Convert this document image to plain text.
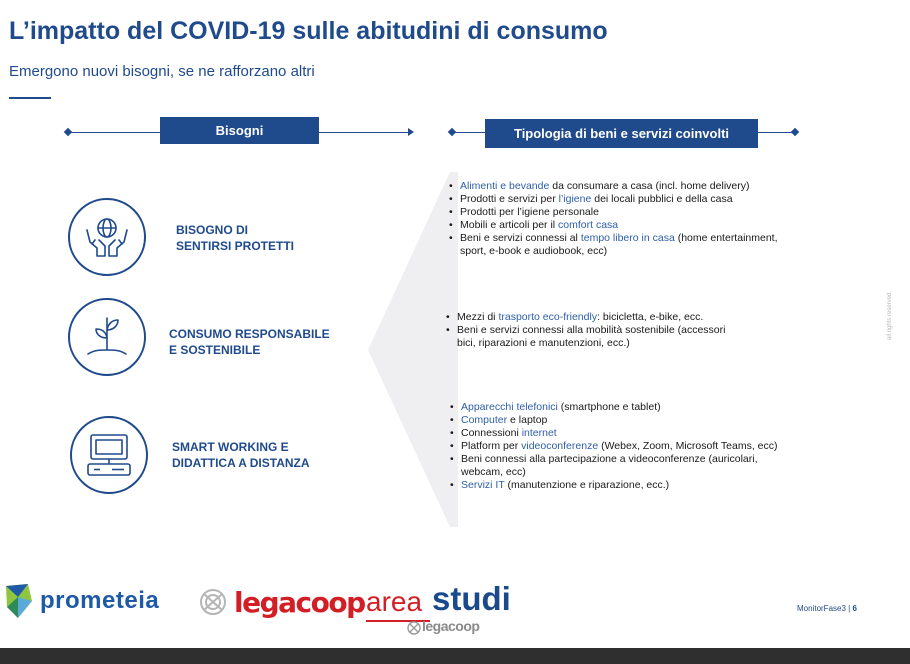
L’impatto del COVID-19 sulle abitudini di consumo
Emergono nuovi bisogni, se ne rafforzano altri
Bisogni	Tipologia di beni e servizi coinvolti
BISOGNO DI
SENTIRSI PROTETTI
• Alimenti e bevande da consumare a casa (incl. home delivery)
• Prodotti e servizi per l’igiene dei locali pubblici e della casa
• Prodotti per l’igiene personale
• Mobili e articoli per il comfort casa
• Beni e servizi connessi al tempo libero in casa (home entertainment, sport, e-book e audiobook, ecc)
CONSUMO RESPONSABILE
E SOSTENIBILE
• Mezzi di trasporto eco-friendly: bicicletta, e-bike, ecc.
• Beni e servizi connessi alla mobilità sostenibile (accessori bici, riparazioni e manutenzioni, ecc.)
SMART WORKING E
DIDATTICA A DISTANZA
• Apparecchi telefonici (smartphone e tablet)
• Computer e laptop
• Connessioni internet
• Platform per videoconferenze (Webex, Zoom, Microsoft Teams, ecc)
• Beni connessi alla partecipazione a videoconferenze (auricolari, webcam, ecc)
• Servizi IT (manutenzione e riparazione, ecc.)
all rights reserved
prometeia	legacoop area studi
legacoop
MonitorFase3 | 6
